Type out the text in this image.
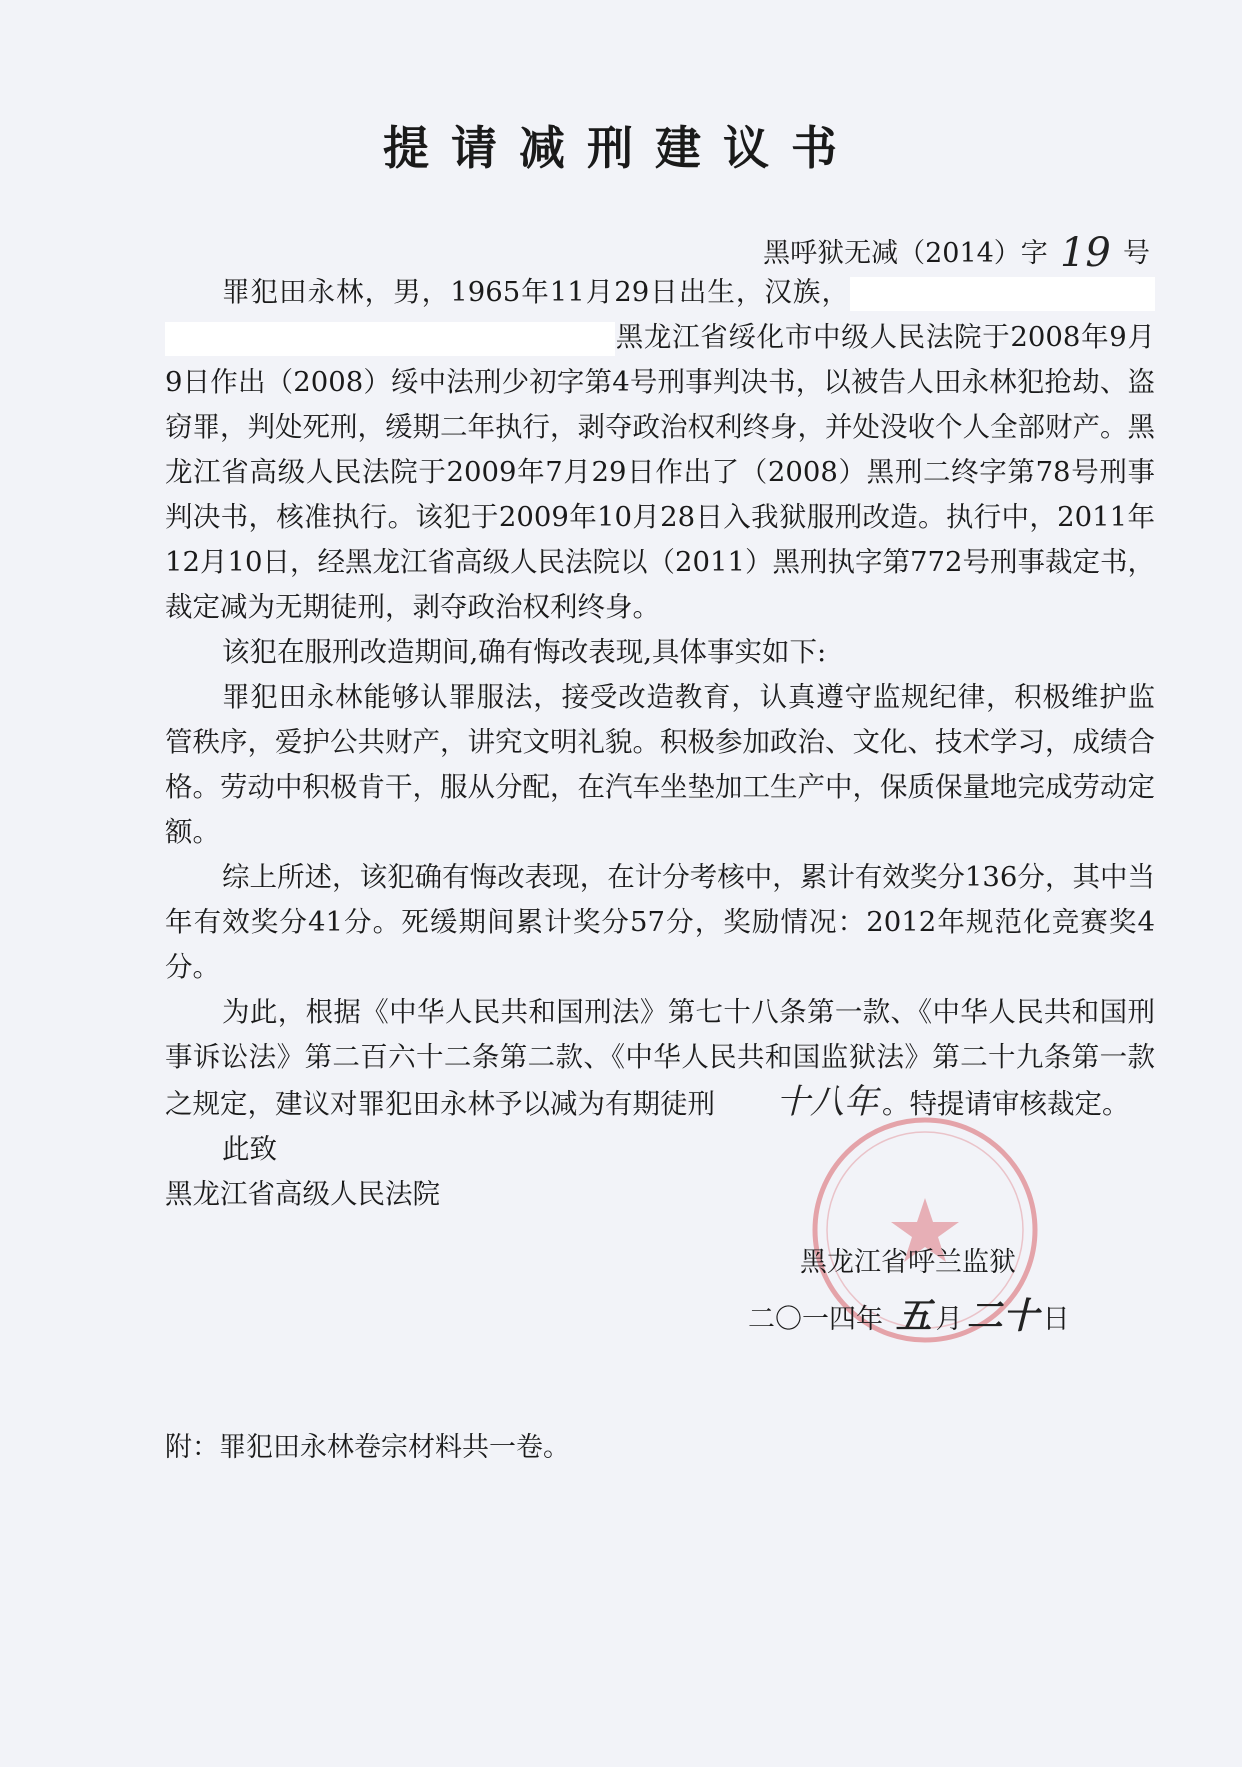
提请减刑建议书
黑呼狱无减（2014）字 19 号

罪犯田永林，男，1965年11月29日出生，汉族，黑龙江省绥化市中级人民法院于2008年9月9日作出（2008）绥中法刑少初字第4号刑事判决书，以被告人田永林犯抢劫、盗窃罪，判处死刑，缓期二年执行，剥夺政治权利终身，并处没收个人全部财产。黑龙江省高级人民法院于2009年7月29日作出了（2008）黑刑二终字第78号刑事判决书，核准执行。该犯于2009年10月28日入我狱服刑改造。执行中，2011年12月10日，经黑龙江省高级人民法院以（2011）黑刑执字第772号刑事裁定书，裁定减为无期徒刑，剥夺政治权利终身。

该犯在服刑改造期间,确有悔改表现,具体事实如下:

罪犯田永林能够认罪服法，接受改造教育，认真遵守监规纪律，积极维护监管秩序，爱护公共财产，讲究文明礼貌。积极参加政治、文化、技术学习，成绩合格。劳动中积极肯干，服从分配，在汽车坐垫加工生产中，保质保量地完成劳动定额。

综上所述，该犯确有悔改表现，在计分考核中，累计有效奖分136分，其中当年有效奖分41分。死缓期间累计奖分57分，奖励情况：2012年规范化竞赛奖4分。

为此，根据《中华人民共和国刑法》第七十八条第一款、《中华人民共和国刑事诉讼法》第二百六十二条第二款、《中华人民共和国监狱法》第二十九条第一款之规定，建议对罪犯田永林予以减为有期徒刑 十八年 。特提请审核裁定。

此致

黑龙江省高级人民法院

黑龙江省呼兰监狱
二〇一四年 五 月 二十 日
附：罪犯田永林卷宗材料共一卷。
